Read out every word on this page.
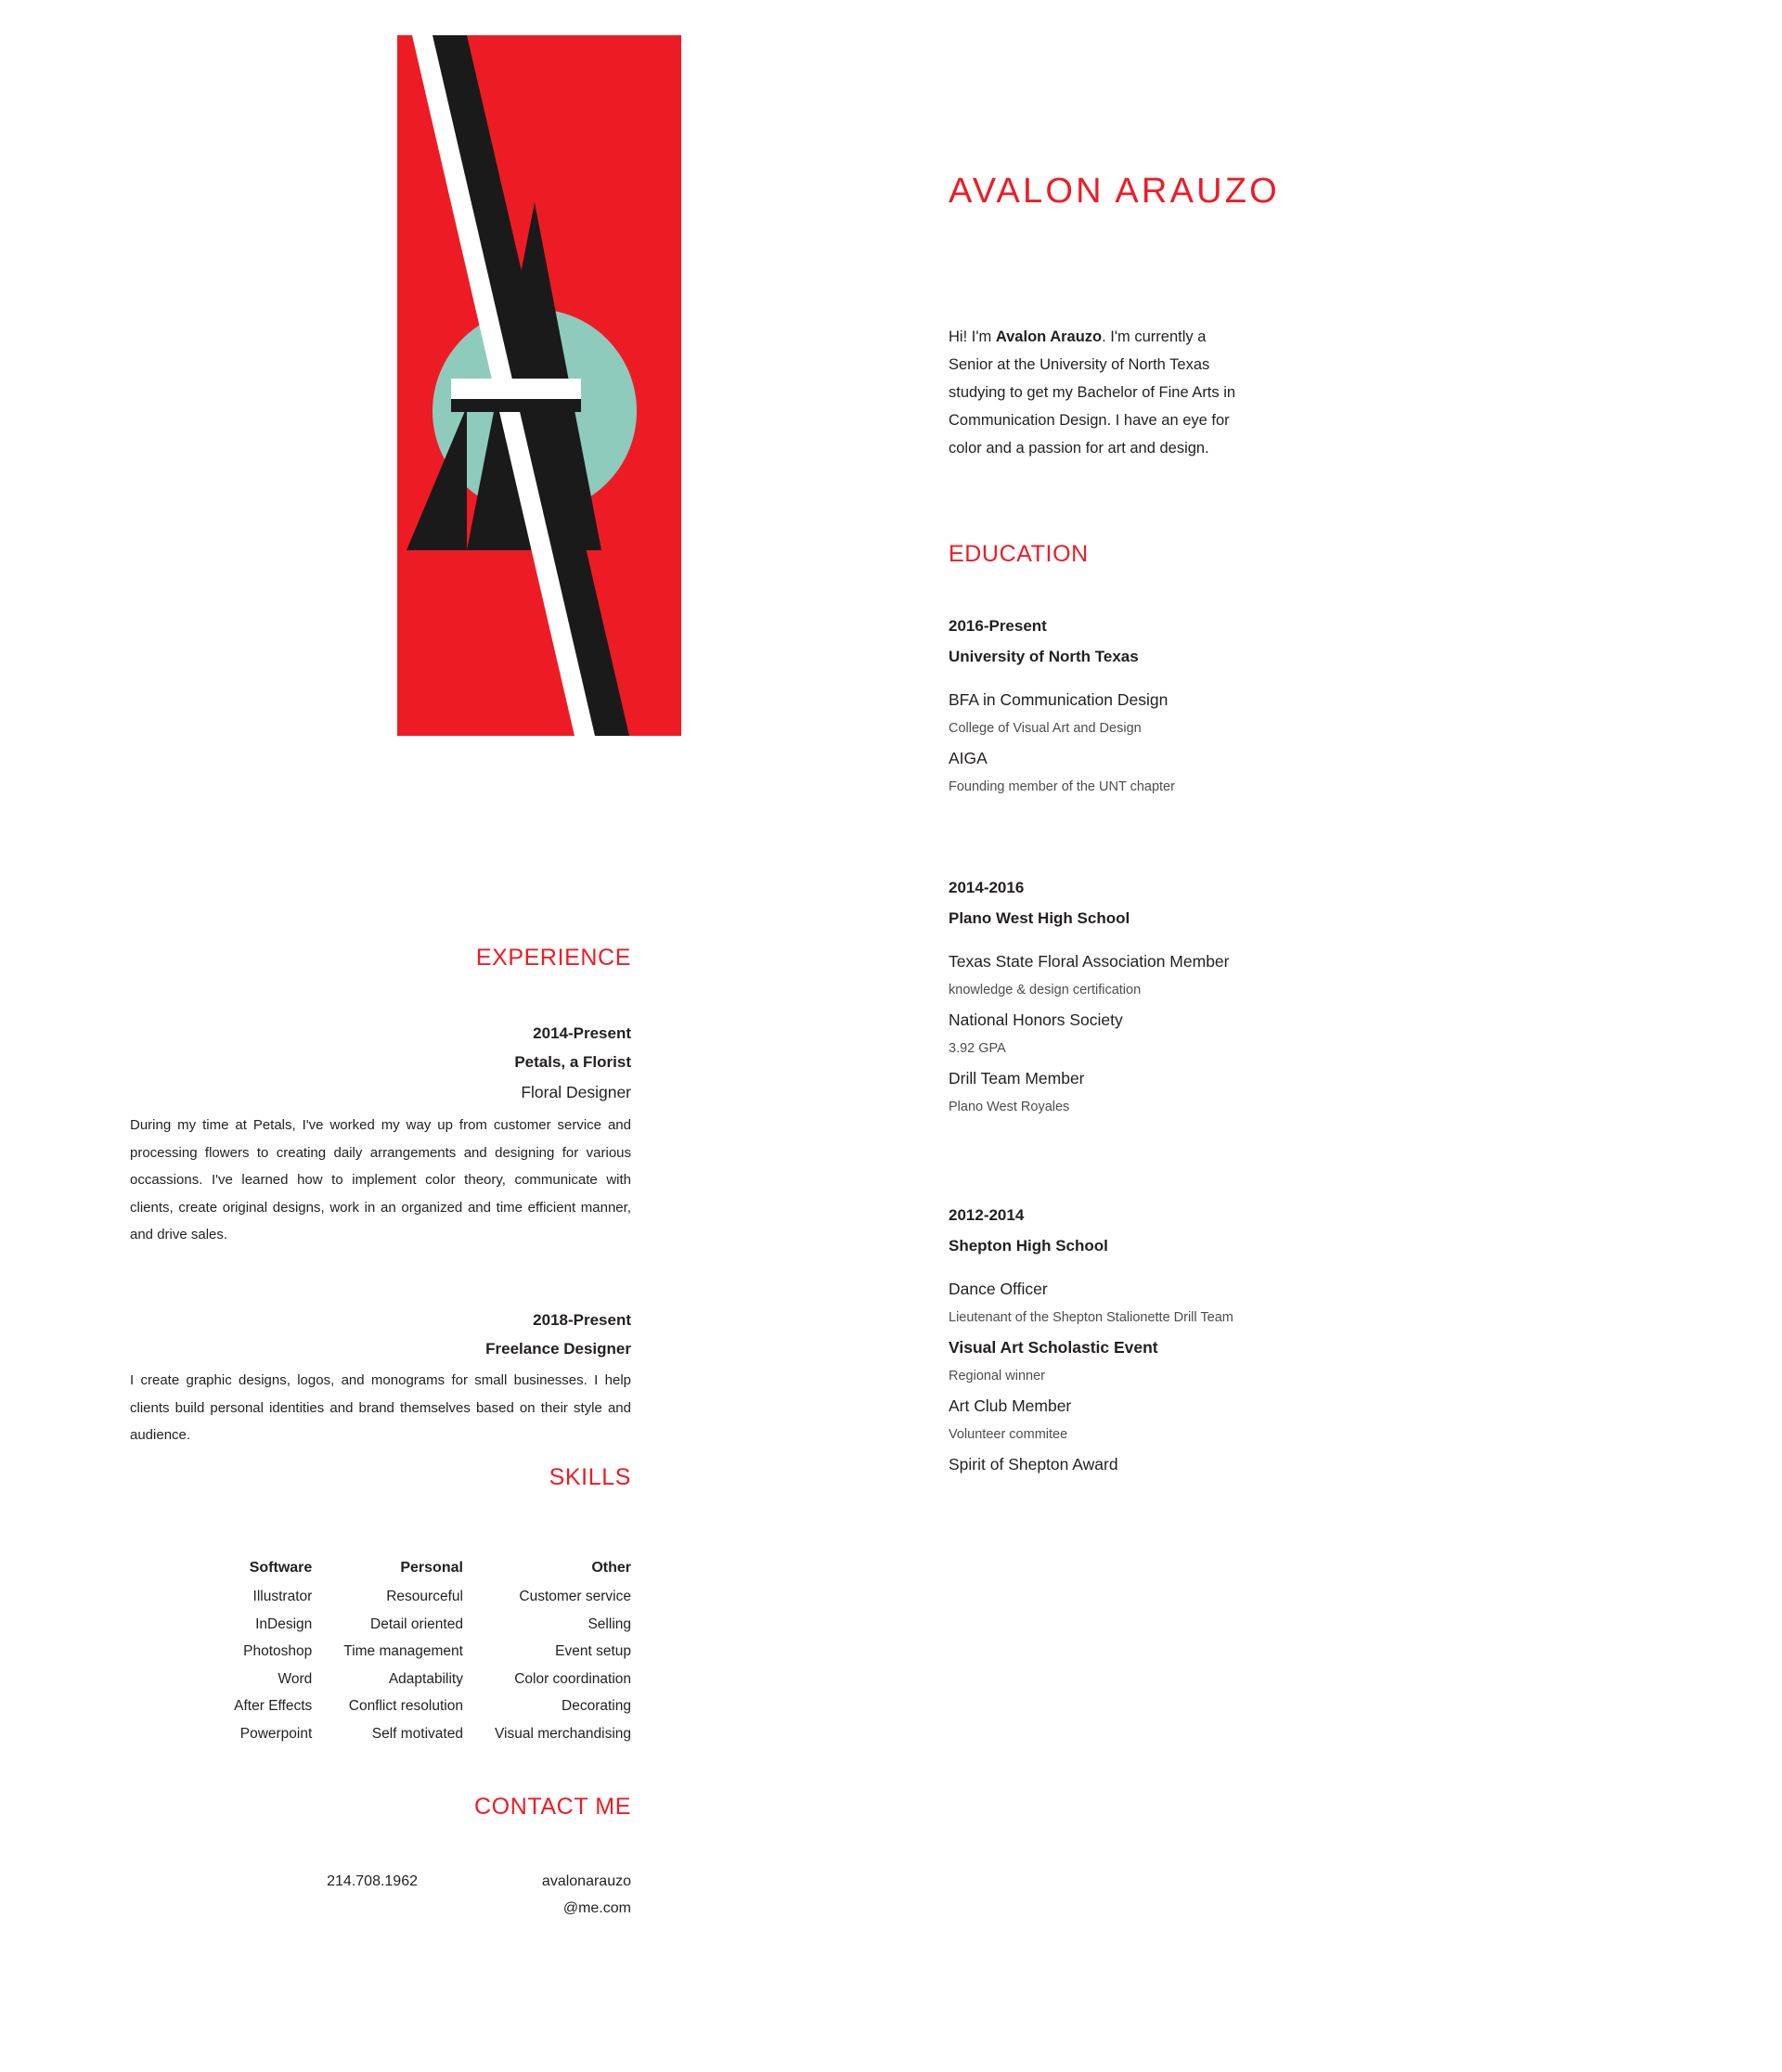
AVALON ARAUZO
Hi! I'm Avalon Arauzo. I'm currently a Senior at the University of North Texas studying to get my Bachelor of Fine Arts in Communication Design. I have an eye for color and a passion for art and design.
EDUCATION
2016-Present
University of North Texas
BFA in Communication Design
College of Visual Art and Design
AIGA
Founding member of the UNT chapter
2014-2016
Plano West High School
Texas State Floral Association Member
knowledge & design certification
National Honors Society
3.92 GPA
Drill Team Member
Plano West Royales
2012-2014
Shepton High School
Dance Officer
Lieutenant of the Shepton Stalionette Drill Team
Visual Art Scholastic Event
Regional winner
Art Club Member
Volunteer commitee
Spirit of Shepton Award
EXPERIENCE
2014-Present
Petals, a Florist
Floral Designer
During my time at Petals, I've worked my way up from customer service and processing flowers to creating daily arrangements and designing for various occassions. I've learned how to implement color theory, communicate with clients, create original designs, work in an organized and time efficient manner, and drive sales.
2018-Present
Freelance Designer
I create graphic designs, logos, and monograms for small businesses. I help clients build personal identities and brand themselves based on their style and audience.
SKILLS
Software
Illustrator
InDesign
Photoshop
Word
After Effects
Powerpoint
Personal
Resourceful
Detail oriented
Time management
Adaptability
Conflict resolution
Self motivated
Other
Customer service
Selling
Event setup
Color coordination
Decorating
Visual merchandising
CONTACT ME
214.708.1962	avalonarauzo
@me.com
